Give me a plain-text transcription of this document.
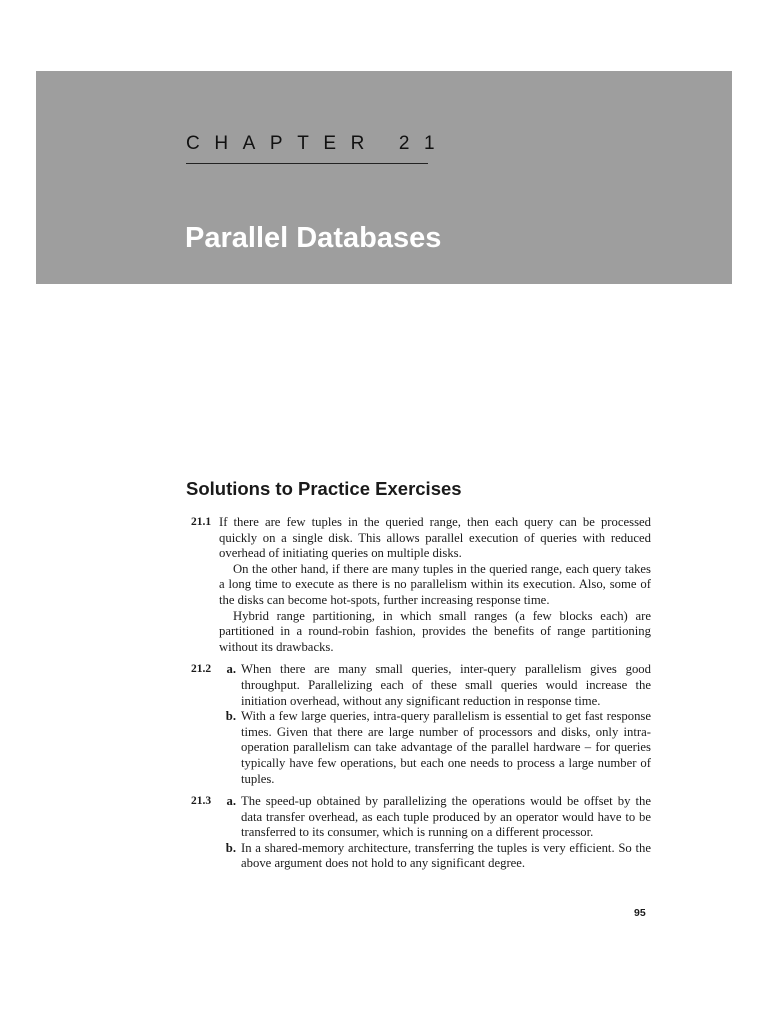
CHAPTER 21
Parallel Databases
Solutions to Practice Exercises
21.1 If there are few tuples in the queried range, then each query can be processed quickly on a single disk. This allows parallel execution of queries with reduced overhead of initiating queries on multiple disks.

On the other hand, if there are many tuples in the queried range, each query takes a long time to execute as there is no parallelism within its execution. Also, some of the disks can become hot-spots, further increasing response time.

Hybrid range partitioning, in which small ranges (a few blocks each) are partitioned in a round-robin fashion, provides the benefits of range partitioning without its drawbacks.

21.2	a. When there are many small queries, inter-query parallelism gives good throughput. Parallelizing each of these small queries would increase the initiation overhead, without any significant reduction in response time.
b. With a few large queries, intra-query parallelism is essential to get fast response times. Given that there are large number of processors and disks, only intra-operation parallelism can take advantage of the parallel hardware – for queries typically have few operations, but each one needs to process a large number of tuples.
21.3	a. The speed-up obtained by parallelizing the operations would be offset by the data transfer overhead, as each tuple produced by an operator would have to be transferred to its consumer, which is running on a different processor.
b. In a shared-memory architecture, transferring the tuples is very efficient. So the above argument does not hold to any significant degree.
95
